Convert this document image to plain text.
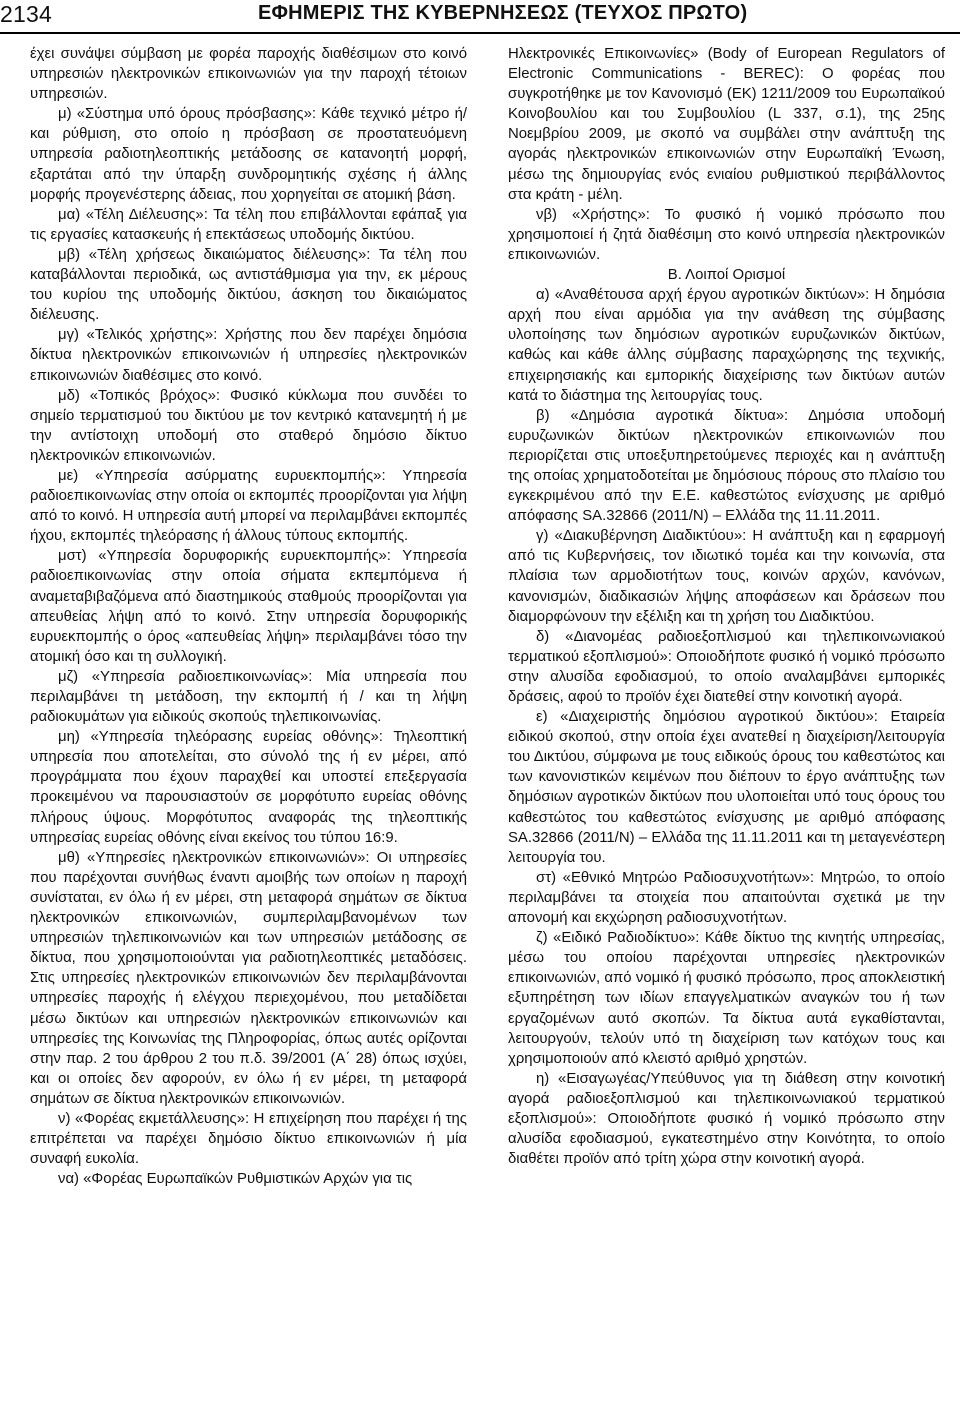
2134	ΕΦΗΜΕΡΙΣ ΤΗΣ ΚΥΒΕΡΝΗΣΕΩΣ (ΤΕΥΧΟΣ ΠΡΩΤΟ)

έχει συνάψει σύμβαση με φορέα παροχής διαθέσιμων στο κοινό υπηρεσιών ηλεκτρονικών επικοινωνιών για την παροχή τέτοιων υπηρεσιών.

μ) «Σύστημα υπό όρους πρόσβασης»: Κάθε τεχνικό μέτρο ή/και ρύθμιση, στο οποίο η πρόσβαση σε προστατευόμενη υπηρεσία ραδιοτηλεοπτικής μετάδοσης σε κατανοητή μορφή, εξαρτάται από την ύπαρξη συνδρομητικής σχέσης ή άλλης μορφής προγενέστερης άδειας, που χορηγείται σε ατομική βάση.

μα) «Τέλη Διέλευσης»: Τα τέλη που επιβάλλονται εφάπαξ για τις εργασίες κατασκευής ή επεκτάσεως υποδομής δικτύου.

μβ) «Τέλη χρήσεως δικαιώματος διέλευσης»: Τα τέλη που καταβάλλονται περιοδικά, ως αντιστάθμισμα για την, εκ μέρους του κυρίου της υποδομής δικτύου, άσκηση του δικαιώματος διέλευσης.

μγ) «Τελικός χρήστης»: Χρήστης που δεν παρέχει δημόσια δίκτυα ηλεκτρονικών επικοινωνιών ή υπηρεσίες ηλεκτρονικών επικοινωνιών διαθέσιμες στο κοινό.

μδ) «Τοπικός βρόχος»: Φυσικό κύκλωμα που συνδέει το σημείο τερματισμού του δικτύου με τον κεντρικό κατανεμητή ή με την αντίστοιχη υποδομή στο σταθερό δημόσιο δίκτυο ηλεκτρονικών επικοινωνιών.

με) «Υπηρεσία ασύρματης ευρυεκπομπής»: Υπηρεσία ραδιοεπικοινωνίας στην οποία οι εκπομπές προορίζονται για λήψη από το κοινό. Η υπηρεσία αυτή μπορεί να περιλαμβάνει εκπομπές ήχου, εκπομπές τηλεόρασης ή άλλους τύπους εκπομπής.

μστ) «Υπηρεσία δορυφορικής ευρυεκπομπής»: Υπηρεσία ραδιοεπικοινωνίας στην οποία σήματα εκπεμπόμενα ή αναμεταβιβαζόμενα από διαστημικούς σταθμούς προορίζονται για απευθείας λήψη από το κοινό. Στην υπηρεσία δορυφορικής ευρυεκπομπής ο όρος «απευθείας λήψη» περιλαμβάνει τόσο την ατομική όσο και τη συλλογική.

μζ) «Υπηρεσία ραδιοεπικοινωνίας»: Μία υπηρεσία που περιλαμβάνει τη μετάδοση, την εκπομπή ή / και τη λήψη ραδιοκυμάτων για ειδικούς σκοπούς τηλεπικοινωνίας.

μη) «Υπηρεσία τηλεόρασης ευρείας οθόνης»: Τηλεοπτική υπηρεσία που αποτελείται, στο σύνολό της ή εν μέρει, από προγράμματα που έχουν παραχθεί και υποστεί επεξεργασία προκειμένου να παρουσιαστούν σε μορφότυπο ευρείας οθόνης πλήρους ύψους. Μορφότυπος αναφοράς της τηλεοπτικής υπηρεσίας ευρείας οθόνης είναι εκείνος του τύπου 16:9.

μθ) «Υπηρεσίες ηλεκτρονικών επικοινωνιών»: Οι υπηρεσίες που παρέχονται συνήθως έναντι αμοιβής των οποίων η παροχή συνίσταται, εν όλω ή εν μέρει, στη μεταφορά σημάτων σε δίκτυα ηλεκτρονικών επικοινωνιών, συμπεριλαμβανομένων των υπηρεσιών τηλεπικοινωνιών και των υπηρεσιών μετάδοσης σε δίκτυα, που χρησιμοποιούνται για ραδιοτηλεοπτικές μεταδόσεις. Στις υπηρεσίες ηλεκτρονικών επικοινωνιών δεν περιλαμβάνονται υπηρεσίες παροχής ή ελέγχου περιεχομένου, που μεταδίδεται μέσω δικτύων και υπηρεσιών ηλεκτρονικών επικοινωνιών και υπηρεσίες της Κοινωνίας της Πληροφορίας, όπως αυτές ορίζονται στην παρ. 2 του άρθρου 2 του π.δ. 39/2001 (Α΄ 28) όπως ισχύει, και οι οποίες δεν αφορούν, εν όλω ή εν μέρει, τη μεταφορά σημάτων σε δίκτυα ηλεκτρονικών επικοινωνιών.

ν) «Φορέας εκμετάλλευσης»: Η επιχείρηση που παρέχει ή της επιτρέπεται να παρέχει δημόσιο δίκτυο επικοινωνιών ή μία συναφή ευκολία.

να) «Φορέας Ευρωπαϊκών Ρυθμιστικών Αρχών για τις

Ηλεκτρονικές Επικοινωνίες» (Body of European Regulators of Electronic Communications - BEREC): Ο φορέας που συγκροτήθηκε με τον Κανονισμό (ΕΚ) 1211/2009 του Ευρωπαϊκού Κοινοβουλίου και του Συμβουλίου (L 337, σ.1), της 25ης Νοεμβρίου 2009, με σκοπό να συμβάλει στην ανάπτυξη της αγοράς ηλεκτρονικών επικοινωνιών στην Ευρωπαϊκή Ένωση, μέσω της δημιουργίας ενός ενιαίου ρυθμιστικού περιβάλλοντος στα κράτη - μέλη.

νβ) «Χρήστης»: Το φυσικό ή νομικό πρόσωπο που χρησιμοποιεί ή ζητά διαθέσιμη στο κοινό υπηρεσία ηλεκτρονικών επικοινωνιών.

Β. Λοιποί Ορισμοί

α) «Αναθέτουσα αρχή έργου αγροτικών δικτύων»: Η δημόσια αρχή που είναι αρμόδια για την ανάθεση της σύμβασης υλοποίησης των δημόσιων αγροτικών ευρυζωνικών δικτύων, καθώς και κάθε άλλης σύμβασης παραχώρησης της τεχνικής, επιχειρησιακής και εμπορικής διαχείρισης των δικτύων αυτών κατά το διάστημα της λειτουργίας τους.

β) «Δημόσια αγροτικά δίκτυα»: Δημόσια υποδομή ευρυζωνικών δικτύων ηλεκτρονικών επικοινωνιών που περιορίζεται στις υποεξυπηρετούμενες περιοχές και η ανάπτυξη της οποίας χρηματοδοτείται με δημόσιους πόρους στο πλαίσιο του εγκεκριμένου από την Ε.Ε. καθεστώτος ενίσχυσης με αριθμό απόφασης SA.32866 (2011/N) – Ελλάδα της 11.11.2011.

γ) «Διακυβέρνηση Διαδικτύου»: Η ανάπτυξη και η εφαρμογή από τις Κυβερνήσεις, τον ιδιωτικό τομέα και την κοινωνία, στα πλαίσια των αρμοδιοτήτων τους, κοινών αρχών, κανόνων, κανονισμών, διαδικασιών λήψης αποφάσεων και δράσεων που διαμορφώνουν την εξέλιξη και τη χρήση του Διαδικτύου.

δ) «Διανομέας ραδιοεξοπλισμού και τηλεπικοινωνιακού τερματικού εξοπλισμού»: Οποιοδήποτε φυσικό ή νομικό πρόσωπο στην αλυσίδα εφοδιασμού, το οποίο αναλαμβάνει εμπορικές δράσεις, αφού το προϊόν έχει διατεθεί στην κοινοτική αγορά.

ε) «Διαχειριστής δημόσιου αγροτικού δικτύου»: Εταιρεία ειδικού σκοπού, στην οποία έχει ανατεθεί η διαχείριση/λειτουργία του Δικτύου, σύμφωνα με τους ειδικούς όρους του καθεστώτος και των κανονιστικών κειμένων που διέπουν το έργο ανάπτυξης των δημόσιων αγροτικών δικτύων που υλοποιείται υπό τους όρους του καθεστώτος του καθεστώτος ενίσχυσης με αριθμό απόφασης SA.32866 (2011/N) – Ελλάδα της 11.11.2011 και τη μεταγενέστερη λειτουργία του.

στ) «Εθνικό Μητρώο Ραδιοσυχνοτήτων»: Μητρώο, το οποίο περιλαμβάνει τα στοιχεία που απαιτούνται σχετικά με την απονομή και εκχώρηση ραδιοσυχνοτήτων.

ζ) «Ειδικό Ραδιοδίκτυο»: Κάθε δίκτυο της κινητής υπηρεσίας, μέσω του οποίου παρέχονται υπηρεσίες ηλεκτρονικών επικοινωνιών, από νομικό ή φυσικό πρόσωπο, προς αποκλειστική εξυπηρέτηση των ιδίων επαγγελματικών αναγκών του ή των εργαζομένων αυτό σκοπών. Τα δίκτυα αυτά εγκαθίστανται, λειτουργούν, τελούν υπό τη διαχείριση των κατόχων τους και χρησιμοποιούν από κλειστό αριθμό χρηστών.

η) «Εισαγωγέας/Υπεύθυνος για τη διάθεση στην κοινοτική αγορά ραδιοεξοπλισμού και τηλεπικοινωνιακού τερματικού εξοπλισμού»: Οποιοδήποτε φυσικό ή νομικό πρόσωπο στην αλυσίδα εφοδιασμού, εγκατεστημένο στην Κοινότητα, το οποίο διαθέτει προϊόν από τρίτη χώρα στην κοινοτική αγορά.
